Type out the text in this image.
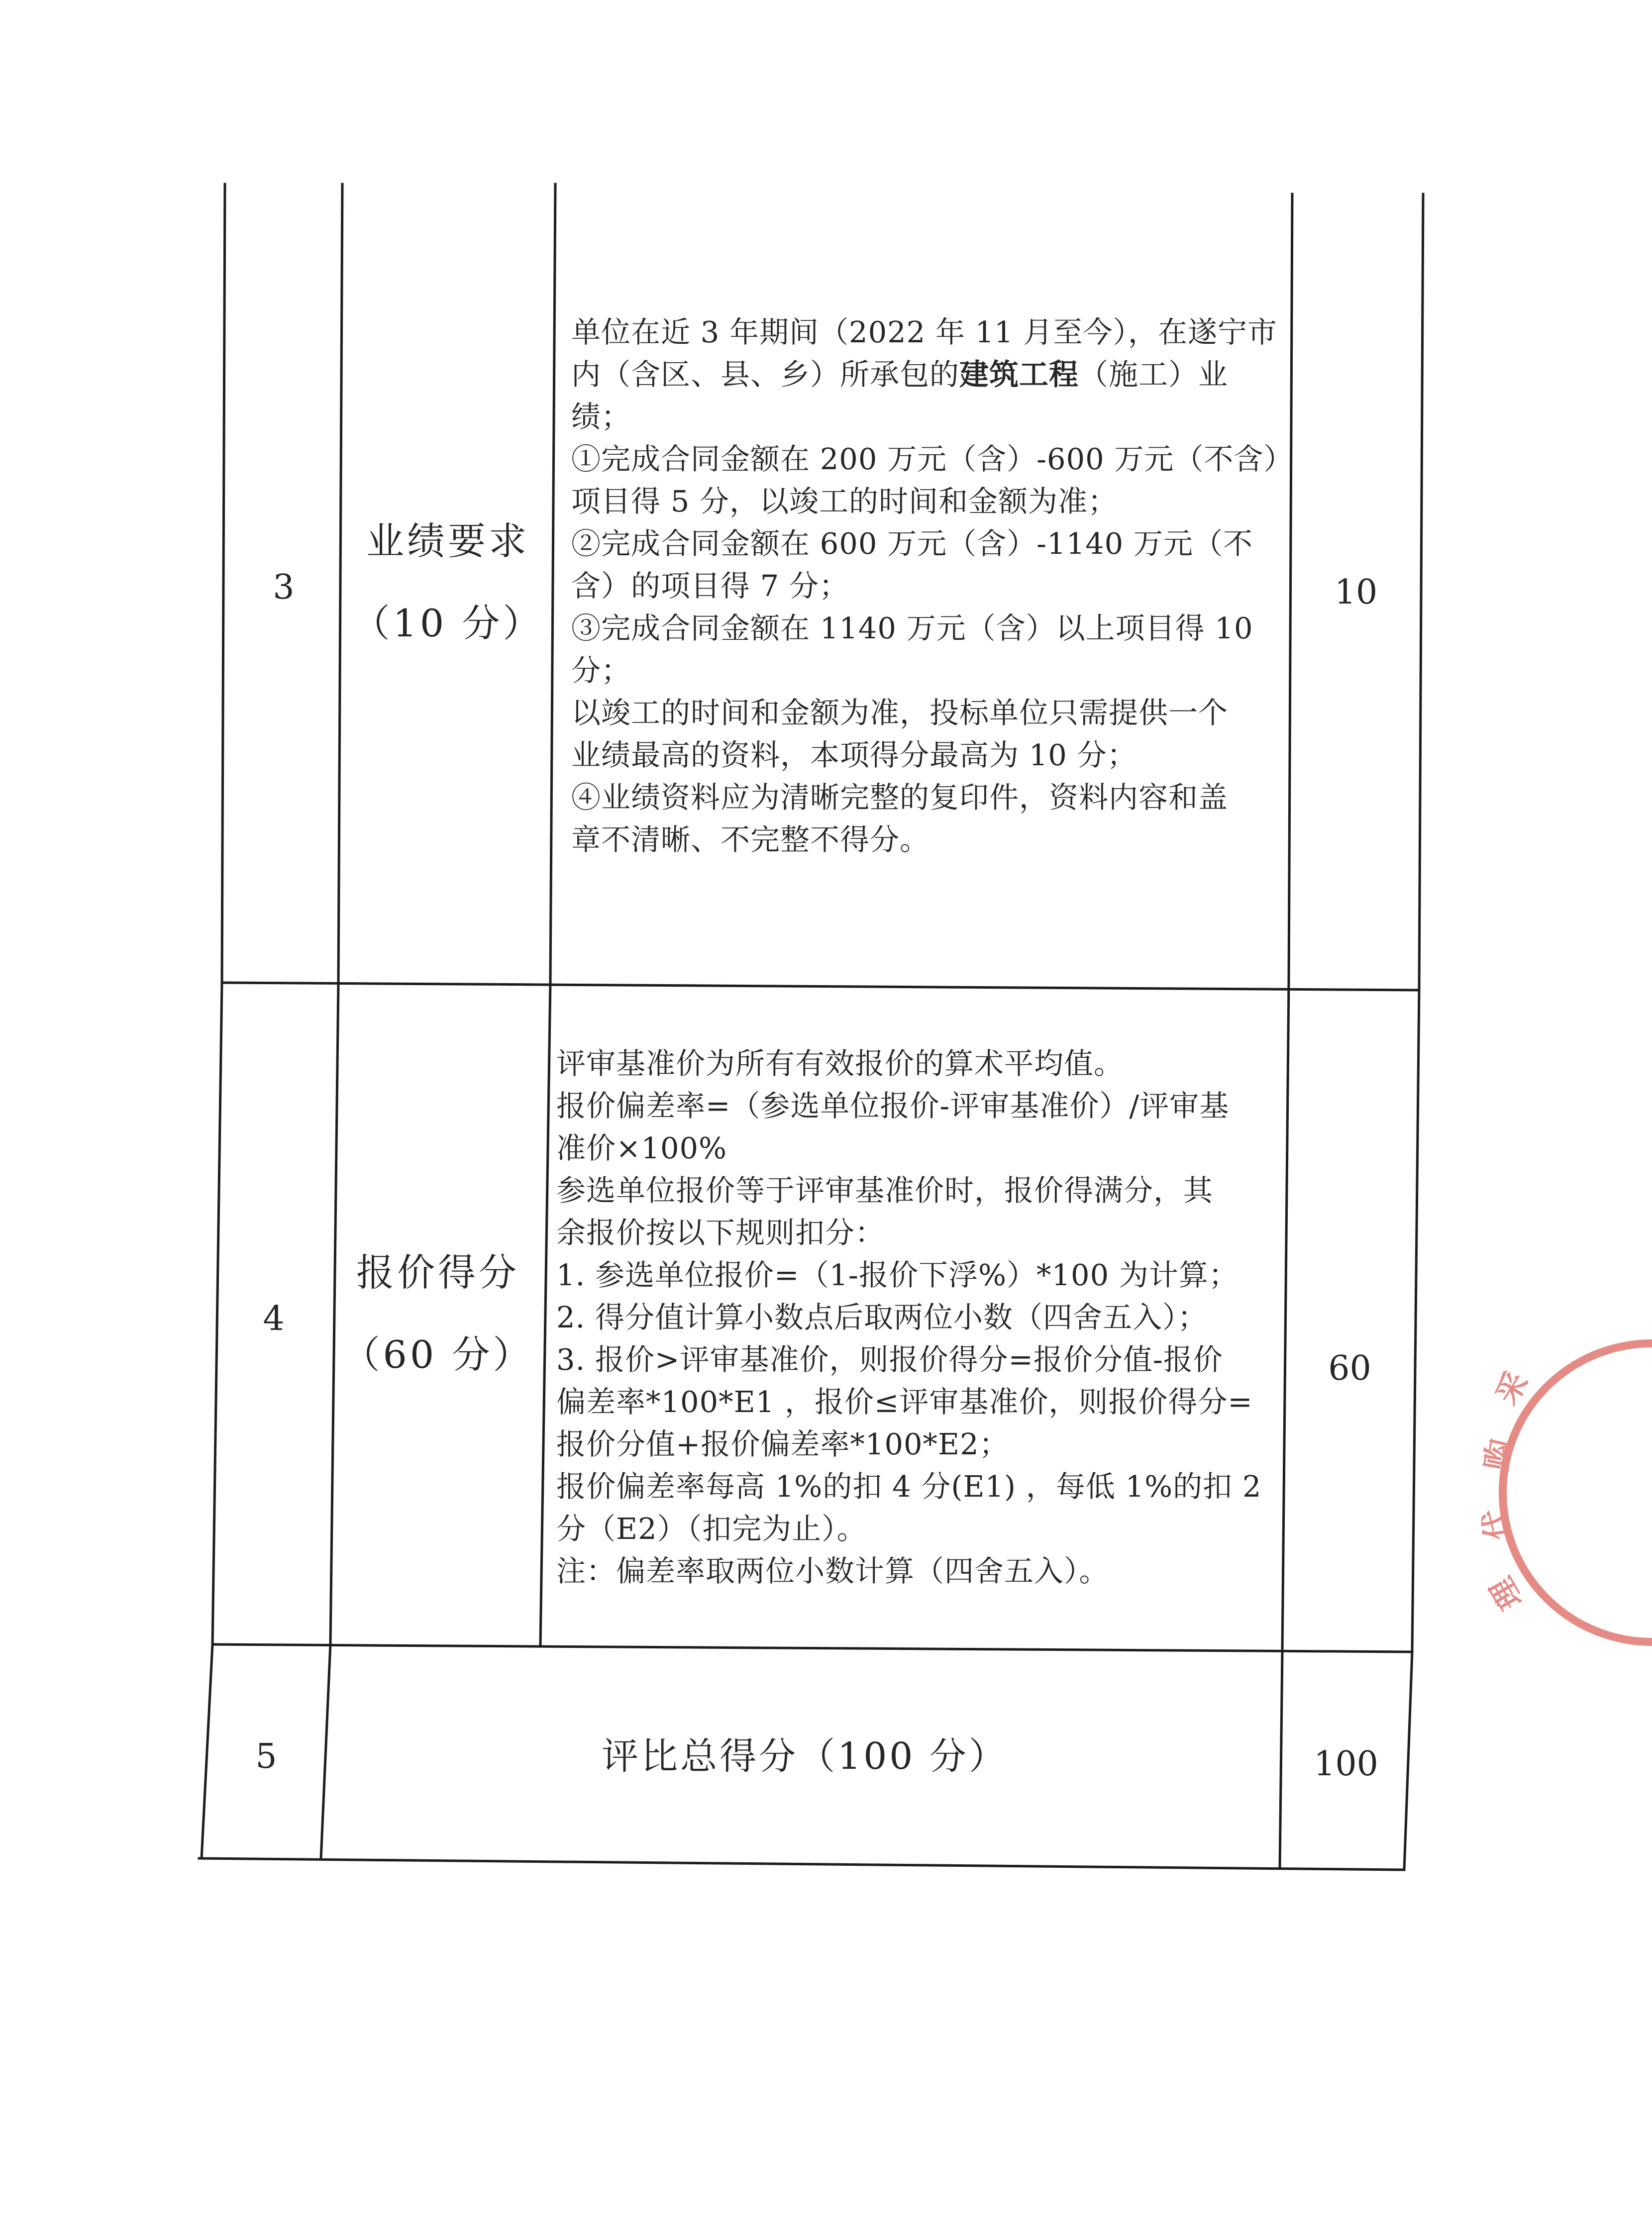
3
业绩要求
（10 分）
单位在近 3 年期间（2022 年 11 月至今），在遂宁市
内（含区、县、乡）所承包的建筑工程（施工）业
绩；
①完成合同金额在 200 万元（含）-600 万元（不含）
项目得 5 分，以竣工的时间和金额为准；
②完成合同金额在 600 万元（含）-1140 万元（不
含）的项目得 7 分；
③完成合同金额在 1140 万元（含）以上项目得 10
分；
以竣工的时间和金额为准，投标单位只需提供一个
业绩最高的资料，本项得分最高为 10 分；
④业绩资料应为清晰完整的复印件，资料内容和盖
章不清晰、不完整不得分。
10
4
报价得分
（60 分）
评审基准价为所有有效报价的算术平均值。
报价偏差率=（参选单位报价-评审基准价）/评审基
准价×100%
参选单位报价等于评审基准价时，报价得满分，其
余报价按以下规则扣分：
1. 参选单位报价=（1-报价下浮%）*100 为计算；
2. 得分值计算小数点后取两位小数（四舍五入）；
3. 报价>评审基准价，则报价得分=报价分值-报价
偏差率*100*E1 ，报价≤评审基准价，则报价得分=
报价分值+报价偏差率*100*E2；
报价偏差率每高 1%的扣 4 分(E1) ，每低 1%的扣 2
分（E2）（扣完为止）。
注：偏差率取两位小数计算（四舍五入）。
60
5	评比总得分（100 分）	100
采
购
代
理
